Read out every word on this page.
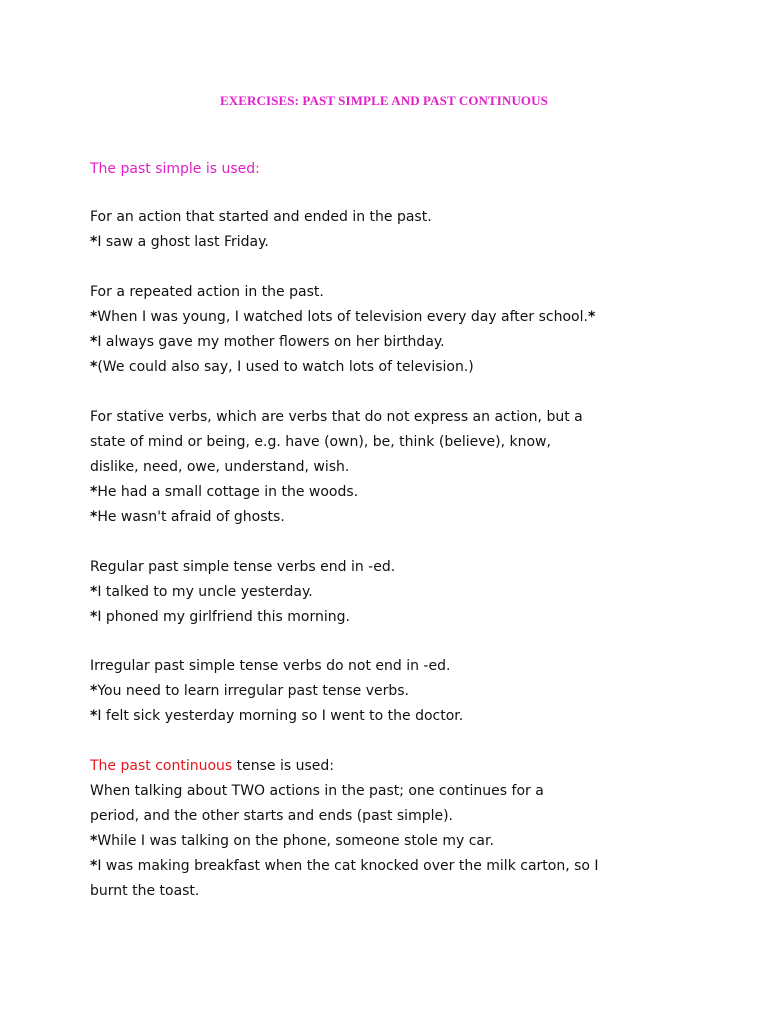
EXERCISES: PAST SIMPLE AND PAST CONTINUOUS
The past simple is used:
For an action that started and ended in the past.
*I saw a ghost last Friday.
For a repeated action in the past.
*When I was young, I watched lots of television every day after school.*
*I always gave my mother flowers on her birthday.
*(We could also say, I used to watch lots of television.)
For stative verbs, which are verbs that do not express an action, but a
state of mind or being, e.g. have (own), be, think (believe), know,
dislike, need, owe, understand, wish.
*He had a small cottage in the woods.
*He wasn't afraid of ghosts.
Regular past simple tense verbs end in -ed.
*I talked to my uncle yesterday.
*I phoned my girlfriend this morning.
Irregular past simple tense verbs do not end in -ed.
*You need to learn irregular past tense verbs.
*I felt sick yesterday morning so I went to the doctor.
The past continuous tense is used:
When talking about TWO actions in the past; one continues for a
period, and the other starts and ends (past simple).
*While I was talking on the phone, someone stole my car.
*I was making breakfast when the cat knocked over the milk carton, so I
burnt the toast.
